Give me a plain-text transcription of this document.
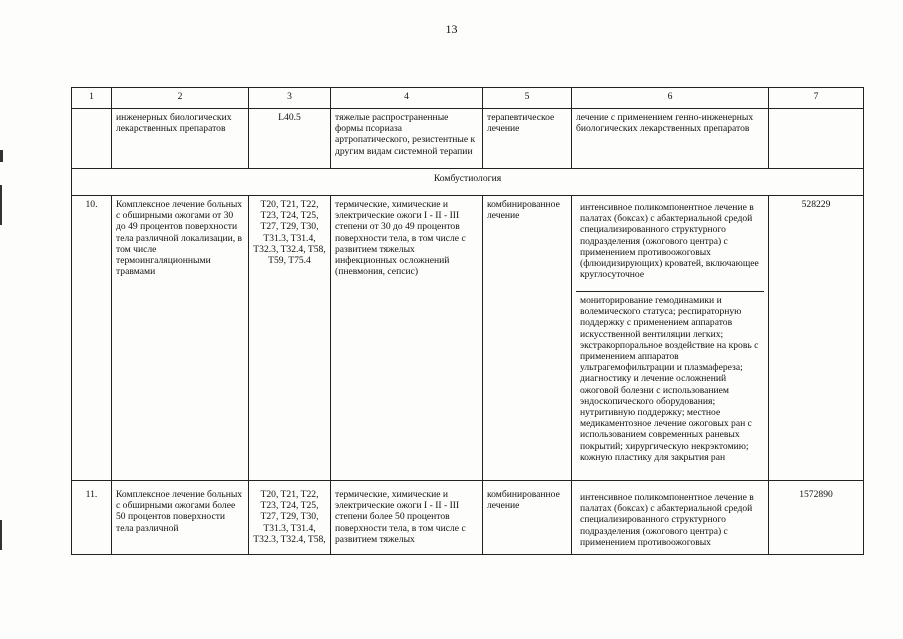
13
1	2	3	4	5	6	7
	инженерных биологических лекарственных препаратов	L40.5	тяжелые распространенные формы псориаза артропатического, резистентные к другим видам системной терапии	терапевтическое лечение	лечение с применением генно-инженерных биологических лекарственных препаратов	
Комбустиология						
10.	Комплексное лечение больных с обширными ожогами от 30 до 49 процентов поверхности тела различной локализации, в том числе термоингаляционными травмами	T20, T21, T22, T23, T24, T25, T27, T29, T30, T31.3, T31.4, T32.3, T32.4, T58, T59, T75.4	термические, химические и электрические ожоги I - II - III степени от 30 до 49 процентов поверхности тела, в том числе с развитием тяжелых инфекционных осложнений (пневмония, сепсис)	комбинированное лечение	интенсивное поликомпонентное лечение в палатах (боксах) с абактериальной средой специализированного структурного подразделения (ожогового центра) с применением противоожоговых (флюидизирующих) кроватей, включающее круглосуточное
мониторирование гемодинамики и волемического статуса; респираторную поддержку с применением аппаратов искусственной вентиляции легких; экстракорпоральное воздействие на кровь с применением аппаратов ультрагемофильтрации и плазмафереза; диагностику и лечение осложнений ожоговой болезни с использованием эндоскопического оборудования; нутритивную поддержку; местное медикаментозное лечение ожоговых ран с использованием современных раневых покрытий; хирургическую некрэктомию; кожную пластику для закрытия ран	528229
11.	Комплексное лечение больных с обширными ожогами более 50 процентов поверхности тела различной	T20, T21, T22, T23, T24, T25, T27, T29, T30, T31.3, T31.4, T32.3, T32.4, T58,	термические, химические и электрические ожоги I - II - III степени более 50 процентов поверхности тела, в том числе с развитием тяжелых	комбинированное лечение	интенсивное поликомпонентное лечение в палатах (боксах) с абактериальной средой специализированного структурного подразделения (ожогового центра) с применением противоожоговых	1572890
